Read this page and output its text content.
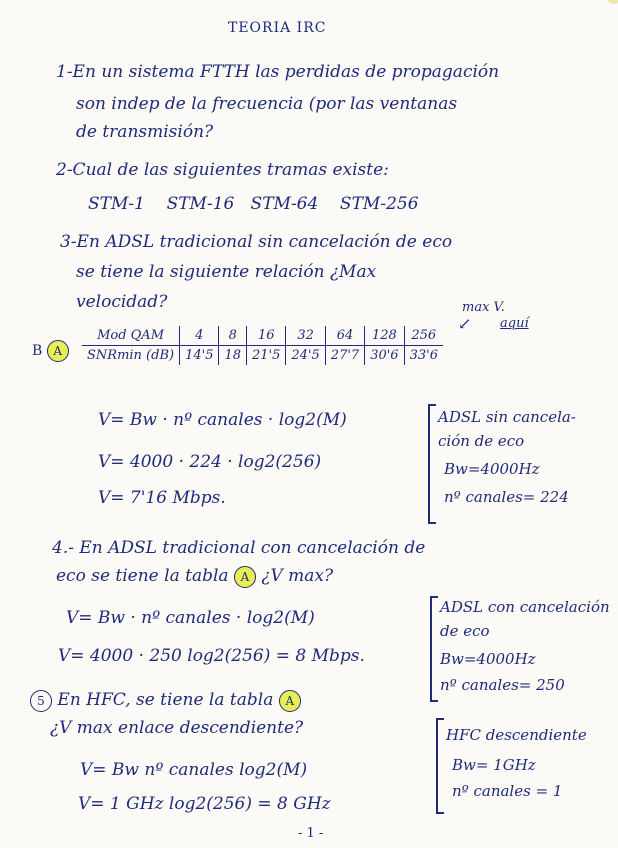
TEORIA IRC
1-En un sistema FTTH las perdidas de propagación
son indep de la frecuencia (por las ventanas
de transmisión?
2-Cual de las siguientes tramas existe:
STM-1    STM-16   STM-64    STM-256
3-En ADSL tradicional sin cancelación de eco
se tiene la siguiente relación ¿Max
velocidad?	max V.
↙ aquí
B A
Mod QAM	4	8	16	32	64	128	256
SNRmin (dB)	14'5	18	21'5	24'5	27'7	30'6	33'6
V= Bw · nº canales · log2(M)
V= 4000 · 224 · log2(256)
V= 7'16 Mbps.
ADSL sin cancela-
ción de eco
Bw=4000Hz
nº canales= 224
4.- En ADSL tradicional con cancelación de
eco se tiene la tabla A ¿V max?
V= Bw · nº canales · log2(M)
V= 4000 · 250 log2(256) = 8 Mbps.
ADSL con cancelación
de eco
Bw=4000Hz
nº canales= 250
5 En HFC, se tiene la tabla A
¿V max enlace descendiente?
V= Bw nº canales log2(M)
V= 1 GHz log2(256) = 8 GHz
HFC descendiente
Bw= 1GHz
nº canales = 1
- 1 -
